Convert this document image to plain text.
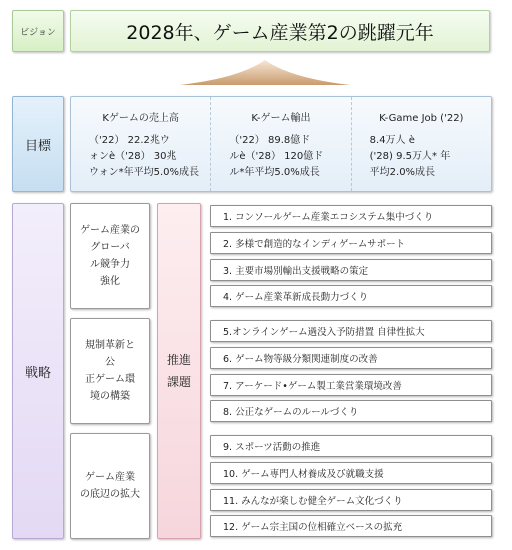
ビジョン	2028年、ゲーム産業第2の跳躍元年
目標
Kゲームの売上高
（'22） 22.2兆ウ
ォンè（'28） 30兆
ウォン*年平均5.0%成長
K-ゲーム輸出
（'22） 89.8億ド
ルè（'28） 120億ド
ル*年平均5.0%成長
K-Game Job ('22)
8.4万人 è
('28) 9.5万人* 年
平均2.0%成長
戦略
ゲーム産業の
グローバ
ル競争力
強化
規制革新と
公
正ゲーム環
境の構築
ゲーム産業
の底辺の拡大
推進
課題
1. コンソールゲーム産業エコシステム集中づくり
2. 多様で創造的なインディゲームサポート
3. 主要市場別輸出支援戦略の策定
4. ゲーム産業革新成長動力づくり
5.オンラインゲーム過没入予防措置 自律性拡大
6. ゲーム物等級分類関連制度の改善
7. アーケード•ゲーム製工業営業環境改善
8. 公正なゲームのルールづくり
9. スポーツ活動の推進
10. ゲーム専門人材養成及び就職支援
11. みんなが楽しむ健全ゲーム文化づくり
12. ゲーム宗主国の位相確立ベースの拡充
